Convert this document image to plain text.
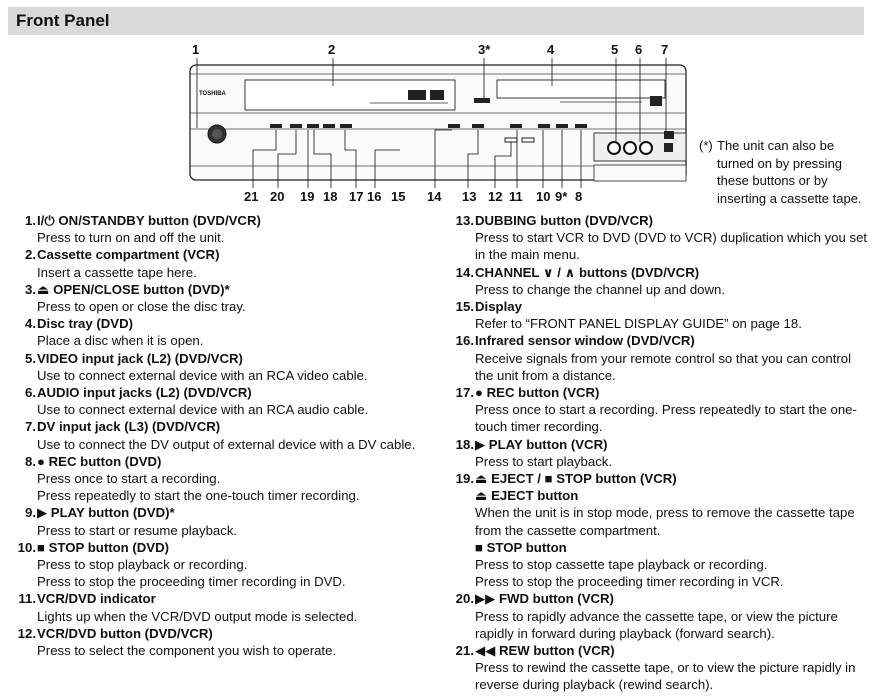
Front Panel
1	2	3*	4	5 6 7
21 20 19 18 17 16 15 14 13 12 11 10 9* 8
TOSHIBA
(*) The unit can also be turned on by pressing these buttons or by inserting a cassette tape.
1. I/⏻ ON/STANDBY button (DVD/VCR)
Press to turn on and off the unit.
2. Cassette compartment (VCR)
Insert a cassette tape here.
3. ⏏ OPEN/CLOSE button (DVD)*
Press to open or close the disc tray.
4. Disc tray (DVD)
Place a disc when it is open.
5. VIDEO input jack (L2) (DVD/VCR)
Use to connect external device with an RCA video cable.
6. AUDIO input jacks (L2) (DVD/VCR)
Use to connect external device with an RCA audio cable.
7. DV input jack (L3) (DVD/VCR)
Use to connect the DV output of external device with a DV cable.
8. ● REC button (DVD)
Press once to start a recording.
Press repeatedly to start the one-touch timer recording.
9. ▶ PLAY button (DVD)*
Press to start or resume playback.
10. ■ STOP button (DVD)
Press to stop playback or recording.
Press to stop the proceeding timer recording in DVD.
11. VCR/DVD indicator
Lights up when the VCR/DVD output mode is selected.
12. VCR/DVD button (DVD/VCR)
Press to select the component you wish to operate.
13. DUBBING button (DVD/VCR)
Press to start VCR to DVD (DVD to VCR) duplication which you set in the main menu.
14. CHANNEL ∨ / ∧ buttons (DVD/VCR)
Press to change the channel up and down.
15. Display
Refer to “FRONT PANEL DISPLAY GUIDE” on page 18.
16. Infrared sensor window (DVD/VCR)
Receive signals from your remote control so that you can control the unit from a distance.
17. ● REC button (VCR)
Press once to start a recording. Press repeatedly to start the one-touch timer recording.
18. ▶ PLAY button (VCR)
Press to start playback.
19. ⏏ EJECT / ■ STOP button (VCR)
⏏ EJECT button
When the unit is in stop mode, press to remove the cassette tape from the cassette compartment.
■ STOP button
Press to stop cassette tape playback or recording.
Press to stop the proceeding timer recording in VCR.
20. ▶▶ FWD button (VCR)
Press to rapidly advance the cassette tape, or view the picture rapidly in forward during playback (forward search).
21. ◀◀ REW button (VCR)
Press to rewind the cassette tape, or to view the picture rapidly in reverse during playback (rewind search).
